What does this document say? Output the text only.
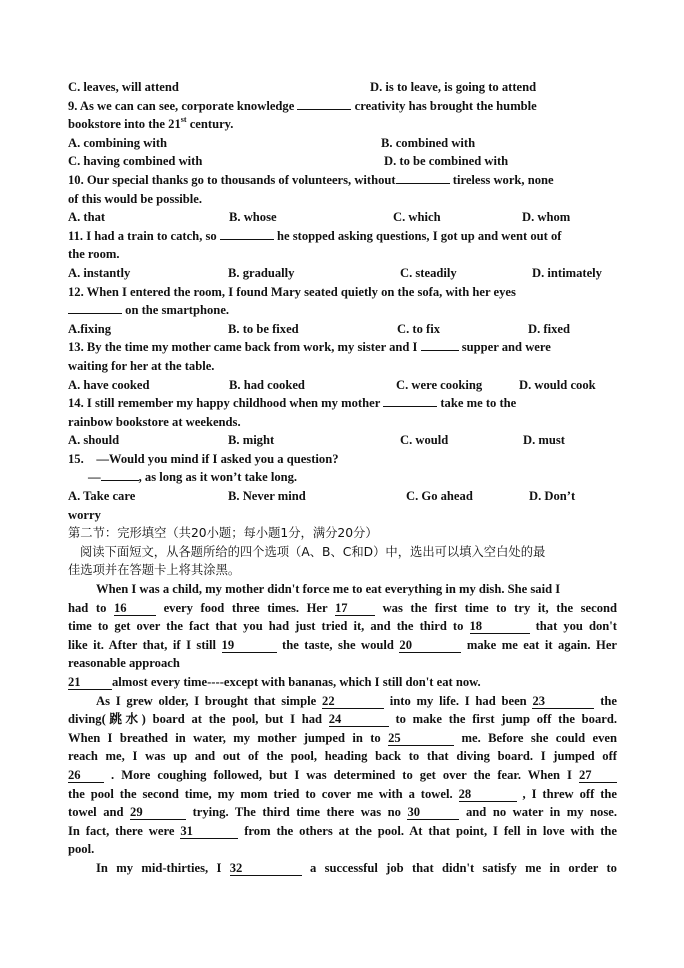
C. leaves, will attend	D. is to leave, is going to attend
9. As we can can see, corporate knowledge	creativity has brought the humble
bookstore into the 21st century.
A. combining with	B. combined with
C. having combined with	D. to be combined with
10. Our special thanks go to thousands of volunteers, without	tireless work, none
of this would be possible.
A. that	B. whose	C. which	D. whom
11. I had a train to catch, so	he stopped asking questions, I got up and went out of
the room.
A. instantly	B. gradually	C. steadily	D. intimately
12. When I entered the room, I found Mary seated quietly on the sofa, with her eyes
on the smartphone.
A.fixing	B. to be fixed	C. to fix	D. fixed
13. By the time my mother came back from work, my sister and I	supper and were
waiting for her at the table.
A. have cooked	B. had cooked	C. were cooking	D. would cook
14. I still remember my happy childhood when my mother	take me to the
rainbow bookstore at weekends.
A. should	B. might	C. would	D. must
15.    —Would you mind if I asked you a question?
—	, as long as it won’t take long.
A. Take care	B. Never mind	C. Go ahead	D. Don’t
worry
第二节：完形填空（共20小题；每小题1分，满分20分）
阅读下面短文，从各题所给的四个选项（A、B、C和D）中，选出可以填入空白处的最
佳选项并在答题卡上将其涂黑。
When I was a child, my mother didn't force me to eat everything in my dish. She said I
had to 16	every food three times. Her 17	was the first time to try it, the second
time to get over the fact that you had just tried it, and the third to 18	that you don't
like it. After that, if I still 19	the taste, she would 20	make me eat it again. Her
reasonable approach
21 almost every time----except with bananas, which I still don't eat now.
As I grew older, I brought that simple 22	into my life. I had been 23	the
diving(跳水) board at the pool, but I had 24	to make the first jump off the board.
When I breathed in water, my mother jumped in to 25	me. Before she could even
reach me, I was up and out of the pool, heading back to that diving board. I jumped off
26 . More coughing followed, but I was determined to get over the fear. When I 27
the pool the second time, my mom tried to cover me with a towel. 28	, I threw off the
towel and 29	trying. The third time there was no 30	and no water in my nose.
In fact, there were 31	from the others at the pool. At that point, I fell in love with the
pool.
In my mid-thirties, I 32	a successful job that didn't satisfy me in order to
